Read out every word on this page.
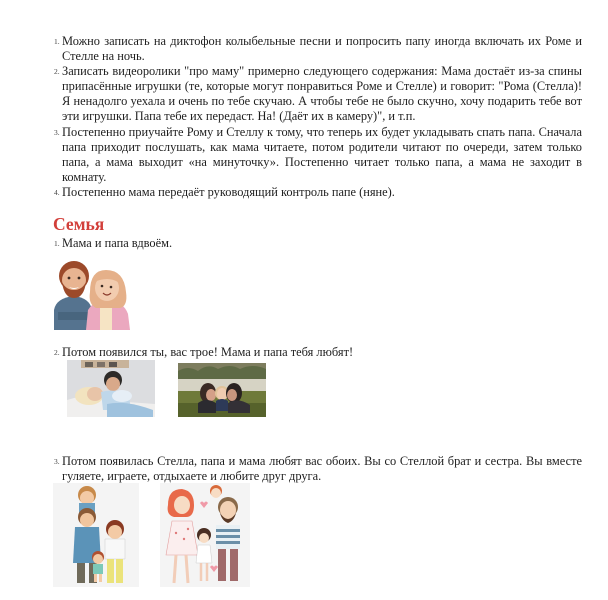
1. Можно записать на диктофон колыбельные песни и попросить папу иногда включать их Роме и Стелле на ночь.
2. Записать видеоролики "про маму" примерно следующего содержания: Мама достаёт из-за спины припасённые игрушки (те, которые могут понравиться Роме и Стелле) и говорит: "Рома (Стелла)! Я ненадолго уехала и очень по тебе скучаю. А чтобы тебе не было скучно, хочу подарить тебе вот эти игрушки. Папа тебе их передаст. На! (Даёт их в камеру)", и т.п.
3. Постепенно приучайте Рому и Стеллу к тому, что теперь их будет укладывать спать папа. Сначала папа приходит послушать, как мама читаете, потом родители читают по очереди, затем только папа, а мама выходит «на минуточку». Постепенно читает только папа, а мама не заходит в комнату.
4. Постепенно мама передаёт руководящий контроль папе (няне).
Семья
1. Мама и папа вдвоём.
2. Потом появился ты, вас трое! Мама и папа тебя любят!
3. Потом появилась Стелла, папа и мама любят вас обоих. Вы со Стеллой брат и сестра. Вы вместе гуляете, играете, отдыхаете и любите друг друга.
